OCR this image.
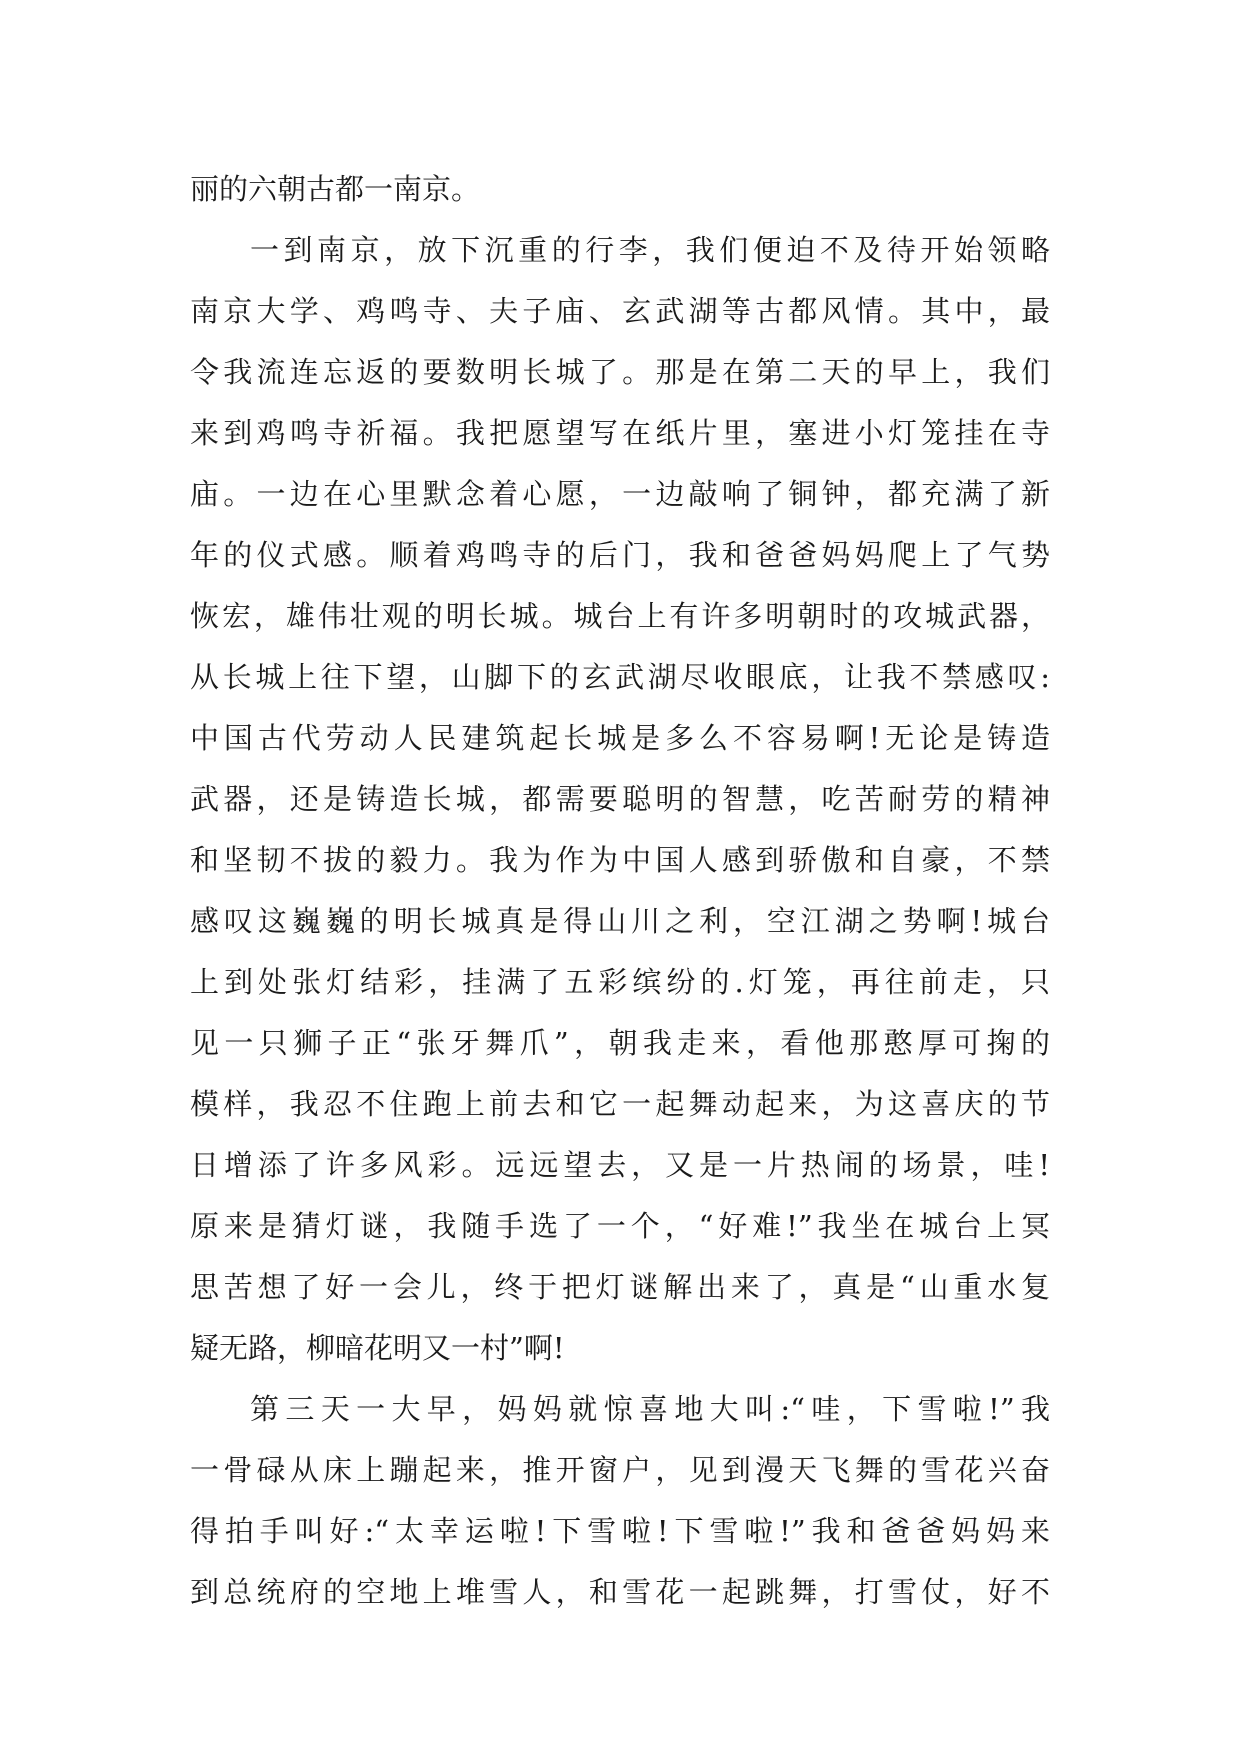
丽的六朝古都一南京。
一到南京，放下沉重的行李，我们便迫不及待开始领略
南京大学、鸡鸣寺、夫子庙、玄武湖等古都风情。其中，最
令我流连忘返的要数明长城了。那是在第二天的早上，我们
来到鸡鸣寺祈福。我把愿望写在纸片里，塞进小灯笼挂在寺
庙。一边在心里默念着心愿，一边敲响了铜钟，都充满了新
年的仪式感。顺着鸡鸣寺的后门，我和爸爸妈妈爬上了气势
恢宏，雄伟壮观的明长城。城台上有许多明朝时的攻城武器，
从长城上往下望，山脚下的玄武湖尽收眼底，让我不禁感叹:
中国古代劳动人民建筑起长城是多么不容易啊!无论是铸造
武器，还是铸造长城，都需要聪明的智慧，吃苦耐劳的精神
和坚韧不拔的毅力。我为作为中国人感到骄傲和自豪，不禁
感叹这巍巍的明长城真是得山川之利，空江湖之势啊!城台
上到处张灯结彩，挂满了五彩缤纷的.灯笼，再往前走，只
见一只狮子正“张牙舞爪”，朝我走来，看他那憨厚可掬的
模样，我忍不住跑上前去和它一起舞动起来，为这喜庆的节
日增添了许多风彩。远远望去，又是一片热闹的场景，哇!
原来是猜灯谜，我随手选了一个，“好难!”我坐在城台上冥
思苦想了好一会儿，终于把灯谜解出来了，真是“山重水复
疑无路，柳暗花明又一村”啊!
第三天一大早，妈妈就惊喜地大叫:“哇，下雪啦!”我
一骨碌从床上蹦起来，推开窗户，见到漫天飞舞的雪花兴奋
得拍手叫好:“太幸运啦!下雪啦!下雪啦!”我和爸爸妈妈来
到总统府的空地上堆雪人，和雪花一起跳舞，打雪仗，好不
